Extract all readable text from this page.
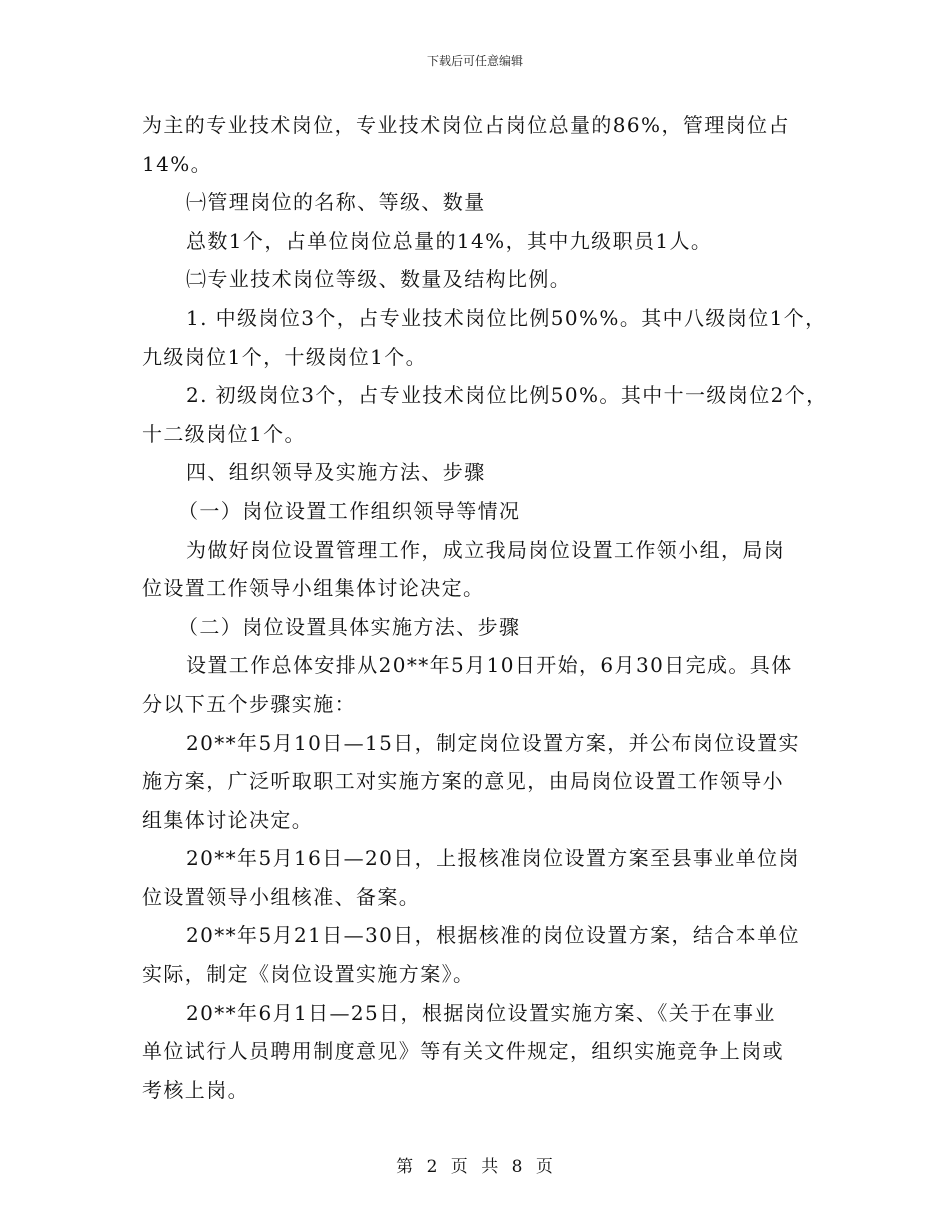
下载后可任意编辑

为主的专业技术岗位，专业技术岗位占岗位总量的86%，管理岗位占

14%。

㈠管理岗位的名称、等级、数量

总数1个，占单位岗位总量的14%，其中九级职员1人。

㈡专业技术岗位等级、数量及结构比例。

1. 中级岗位3个，占专业技术岗位比例50%%。其中八级岗位1个，

九级岗位1个，十级岗位1个。

2. 初级岗位3个，占专业技术岗位比例50%。其中十一级岗位2个，

十二级岗位1个。

四、组织领导及实施方法、步骤

（一）岗位设置工作组织领导等情况

为做好岗位设置管理工作，成立我局岗位设置工作领小组，局岗

位设置工作领导小组集体讨论决定。

（二）岗位设置具体实施方法、步骤

设置工作总体安排从20**年5月10日开始，6月30日完成。具体

分以下五个步骤实施：

20**年5月10日—15日，制定岗位设置方案，并公布岗位设置实

施方案，广泛听取职工对实施方案的意见，由局岗位设置工作领导小

组集体讨论决定。

20**年5月16日—20日，上报核准岗位设置方案至县事业单位岗

位设置领导小组核准、备案。

20**年5月21日—30日，根据核准的岗位设置方案，结合本单位

实际，制定《岗位设置实施方案》。

20**年6月1日—25日，根据岗位设置实施方案、《关于在事业

单位试行人员聘用制度意见》等有关文件规定，组织实施竞争上岗或

考核上岗。

第 2 页 共 8 页
